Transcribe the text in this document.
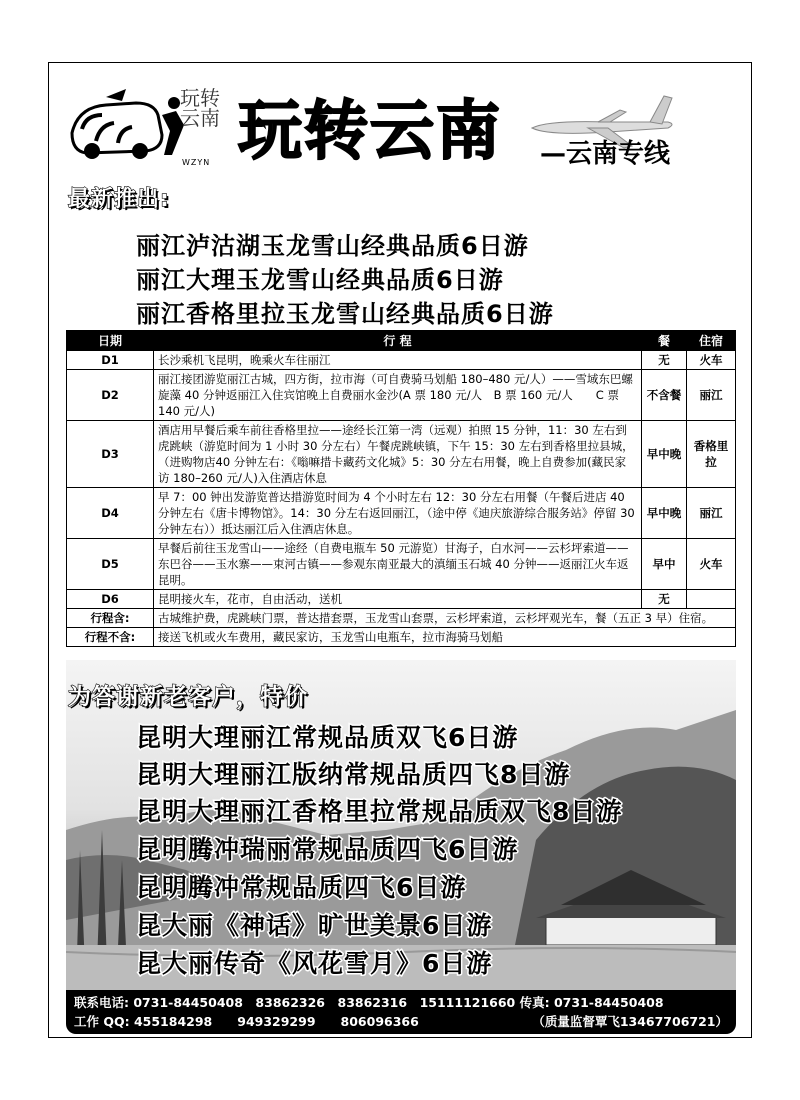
玩转云南
WZYN 玩转云南 —云南专线
最新推出:
丽江泸沽湖玉龙雪山经典品质6日游
丽江大理玉龙雪山经典品质6日游
丽江香格里拉玉龙雪山经典品质6日游
日期	行 程	餐	住宿
D1	长沙乘机飞昆明，晚乘火车往丽江	无	火车
D2	丽江接团游览丽江古城，四方街，拉市海（可自费骑马划船 180–480 元/人）——雪域东巴螺旋藻 40 分钟返丽江入住宾馆晚上自费丽水金沙(A 票 180 元/人　B 票 160 元/人　　C 票 140 元/人)	不含餐	丽江
D3	酒店用早餐后乘车前往香格里拉——途经长江第一湾（远观）拍照 15 分钟，11：30 左右到虎跳峡（游览时间为 1 小时 30 分左右）午餐虎跳峡镇，下午 15：30 左右到香格里拉县城，（进购物店40 分钟左右：《嗡嘛措卡藏药文化城》5：30 分左右用餐，晚上自费参加(藏民家访 180–260 元/人)入住酒店休息	早中晚	香格里拉
D4	早 7：00 钟出发游览普达措游览时间为 4 个小时左右 12：30 分左右用餐（午餐后进店 40 分钟左右《唐卡博物馆》。14：30 分左右返回丽江，（途中停《迪庆旅游综合服务站》停留 30 分钟左右））抵达丽江后入住酒店休息。	早中晚	丽江
D5	早餐后前往玉龙雪山——途经（自费电瓶车 50 元游览）甘海子，白水河——云杉坪索道——东巴谷——玉水寨——束河古镇——参观东南亚最大的滇缅玉石城 40 分钟——返丽江火车返昆明。	早中	火车
D6	昆明接火车，花市，自由活动，送机	无	
行程含:	古城维护费，虎跳峡门票，普达措套票，玉龙雪山套票，云杉坪索道，云杉坪观光车，餐（五正 3 早）住宿。		
行程不含:	接送飞机或火车费用，藏民家访，玉龙雪山电瓶车，拉市海骑马划船		
为答谢新老客户，特价
昆明大理丽江常规品质双飞6日游
昆明大理丽江版纳常规品质四飞8日游
昆明大理丽江香格里拉常规品质双飞8日游
昆明腾冲瑞丽常规品质四飞6日游
昆明腾冲常规品质四飞6日游
昆大丽《神话》旷世美景6日游
昆大丽传奇《风花雪月》6日游
联系电话: 0731-84450408　83862326　83862316　15111121660 传真: 0731-84450408
工作 QQ: 455184298　　949329299　　806096366	（质量监督覃飞13467706721）
